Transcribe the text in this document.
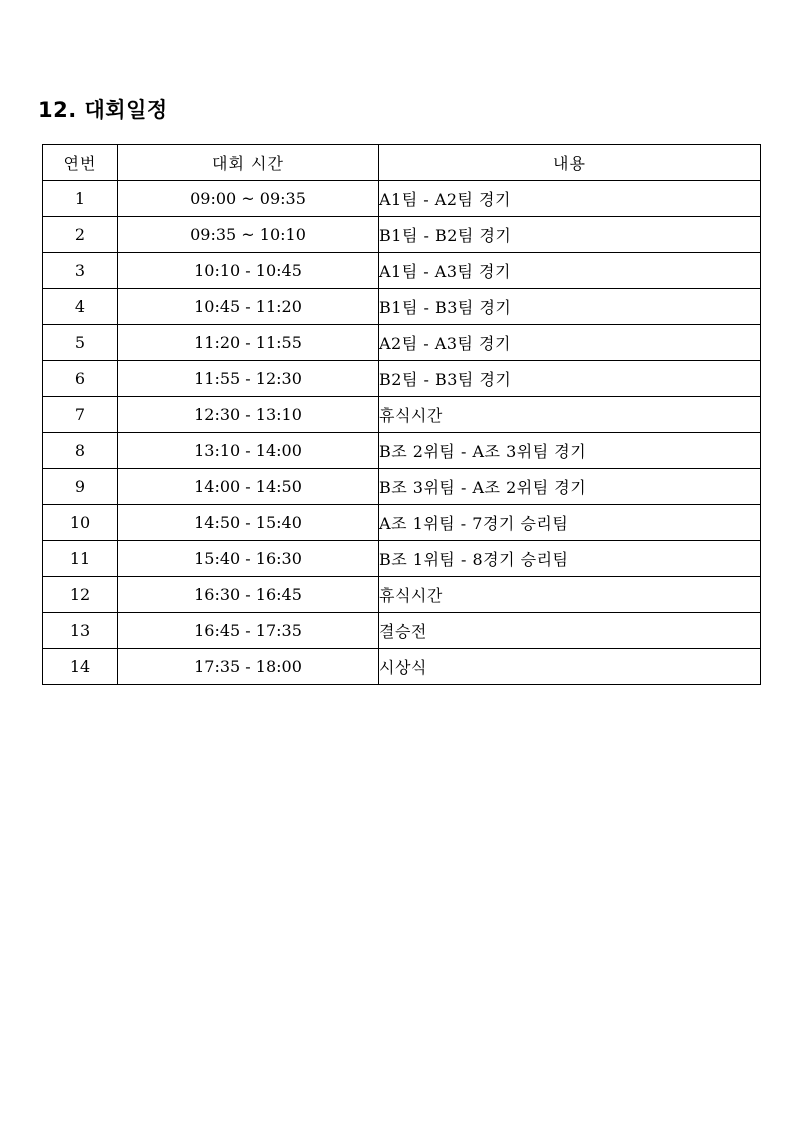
12. 대회일정
연번	대회 시간	내용
1	09:00 ~ 09:35	A1팀 - A2팀 경기
2	09:35 ~ 10:10	B1팀 - B2팀 경기
3	10:10 - 10:45	A1팀 - A3팀 경기
4	10:45 - 11:20	B1팀 - B3팀 경기
5	11:20 - 11:55	A2팀 - A3팀 경기
6	11:55 - 12:30	B2팀 - B3팀 경기
7	12:30 - 13:10	휴식시간
8	13:10 - 14:00	B조 2위팀 - A조 3위팀 경기
9	14:00 - 14:50	B조 3위팀 - A조 2위팀 경기
10	14:50 - 15:40	A조 1위팀 - 7경기 승리팀
11	15:40 - 16:30	B조 1위팀 - 8경기 승리팀
12	16:30 - 16:45	휴식시간
13	16:45 - 17:35	결승전
14	17:35 - 18:00	시상식
